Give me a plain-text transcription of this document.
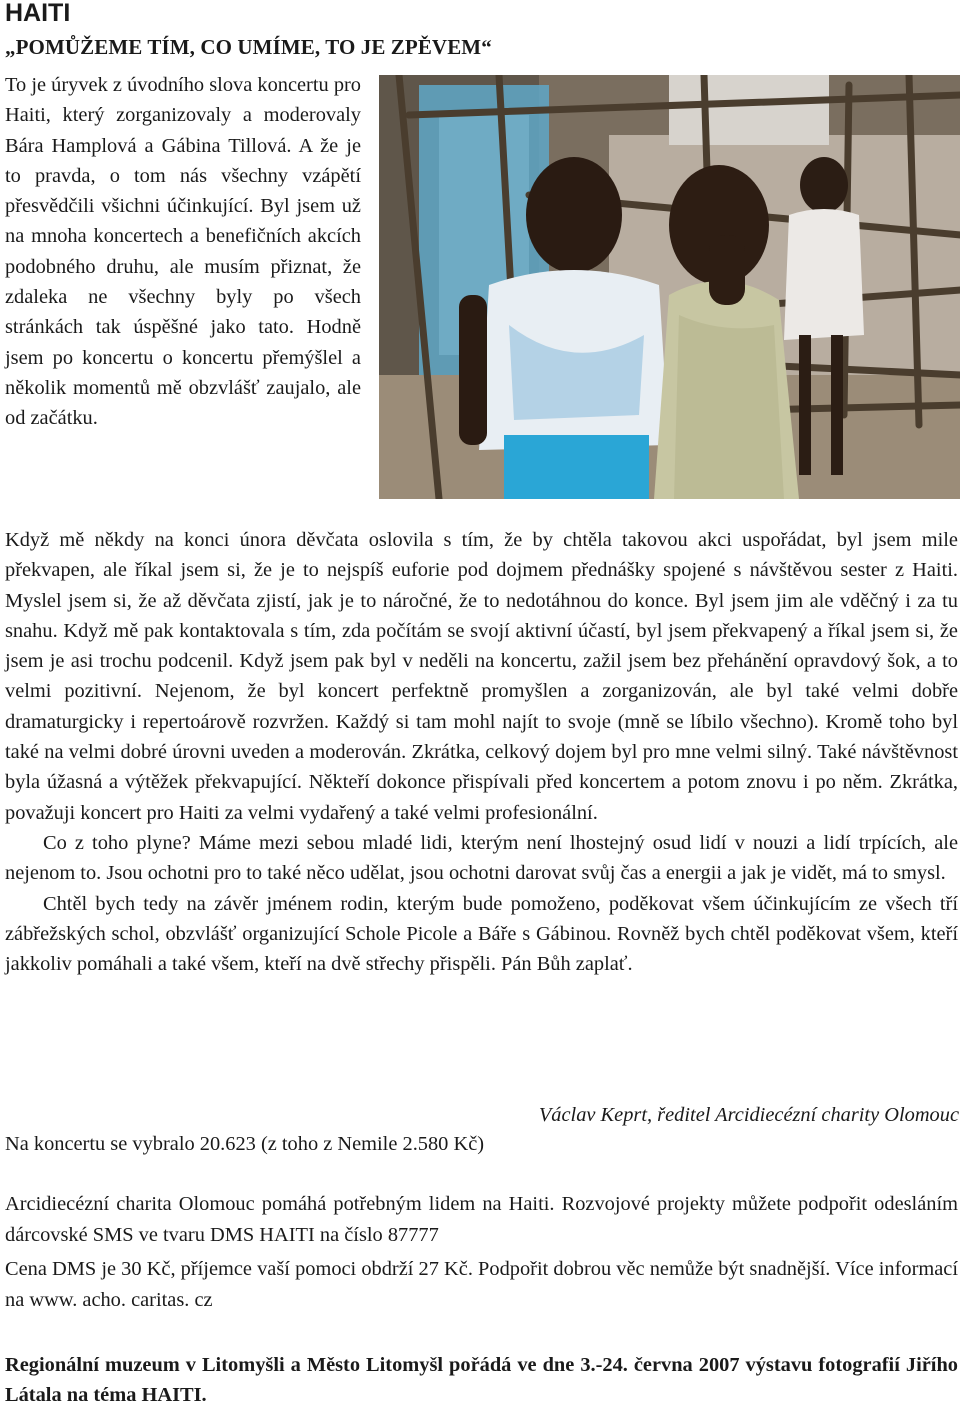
HAITI
„POMŮŽEME TÍM, CO UMÍME, TO JE ZPĚVEM“
To je úryvek z úvodního slova koncertu pro Haiti, který zorganizovaly a moderovaly Bára Hamplová a Gábina Tillová. A že je to pravda, o tom nás všechny vzápětí přesvědčili všichni účinkující. Byl jsem už na mnoha koncertech a benefičních akcích podobného druhu, ale musím přiznat, že zdaleka ne všechny byly po všech stránkách tak úspěšné jako tato. Hodně jsem po koncertu o koncertu přemýšlel a několik momentů mě obzvlášť zaujalo, ale od začátku.

Když mě někdy na konci února děvčata oslovila s tím, že by chtěla takovou akci uspořádat, byl jsem mile překvapen, ale říkal jsem si, že je to nejspíš euforie pod dojmem přednášky spojené s návštěvou sester z Haiti. Myslel jsem si, že až děvčata zjistí, jak je to náročné, že to nedotáhnou do konce. Byl jsem jim ale vděčný i za tu snahu. Když mě pak kontaktovala s tím, zda počítám se svojí aktivní účastí, byl jsem překvapený a říkal jsem si, že jsem je asi trochu podcenil. Když jsem pak byl v neděli na koncertu, zažil jsem bez přehánění opravdový šok, a to velmi pozitivní. Nejenom, že byl koncert perfektně promyšlen a zorganizován, ale byl také velmi dobře dramaturgicky i repertoárově rozvržen. Každý si tam mohl najít to svoje (mně se líbilo všechno). Kromě toho byl také na velmi dobré úrovni uveden a moderován. Zkrátka, celkový dojem byl pro mne velmi silný. Také návštěvnost byla úžasná a výtěžek překvapující. Někteří dokonce přispívali před koncertem a potom znovu i po něm. Zkrátka, považuji koncert pro Haiti za velmi vydařený a také velmi profesionální.

Co z toho plyne? Máme mezi sebou mladé lidi, kterým není lhostejný osud lidí v nouzi a lidí trpících, ale nejenom to. Jsou ochotni pro to také něco udělat, jsou ochotni darovat svůj čas a energii a jak je vidět, má to smysl.

Chtěl bych tedy na závěr jménem rodin, kterým bude pomoženo, poděkovat všem účinkujícím ze všech tří zábřežských schol, obzvlášť organizující Schole Picole a Báře s Gábinou. Rovněž bych chtěl poděkovat všem, kteří jakkoliv pomáhali a také všem, kteří na dvě střechy přispěli. Pán Bůh zaplať.

Václav Keprt, ředitel Arcidiecézní charity Olomouc
Na koncertu se vybralo 20.623 (z toho z Nemile 2.580 Kč)

Arcidiecézní charita Olomouc pomáhá potřebným lidem na Haiti. Rozvojové projekty můžete podpořit odesláním dárcovské SMS ve tvaru DMS HAITI na číslo 87777

Cena DMS je 30 Kč, příjemce vaší pomoci obdrží 27 Kč. Podpořit dobrou věc nemůže být snadnější. Více informací na www. acho. caritas. cz

Regionální muzeum v Litomyšli a Město Litomyšl pořádá ve dne 3.-24. června 2007 výstavu fotografií Jiřího Látala na téma HAITI.
